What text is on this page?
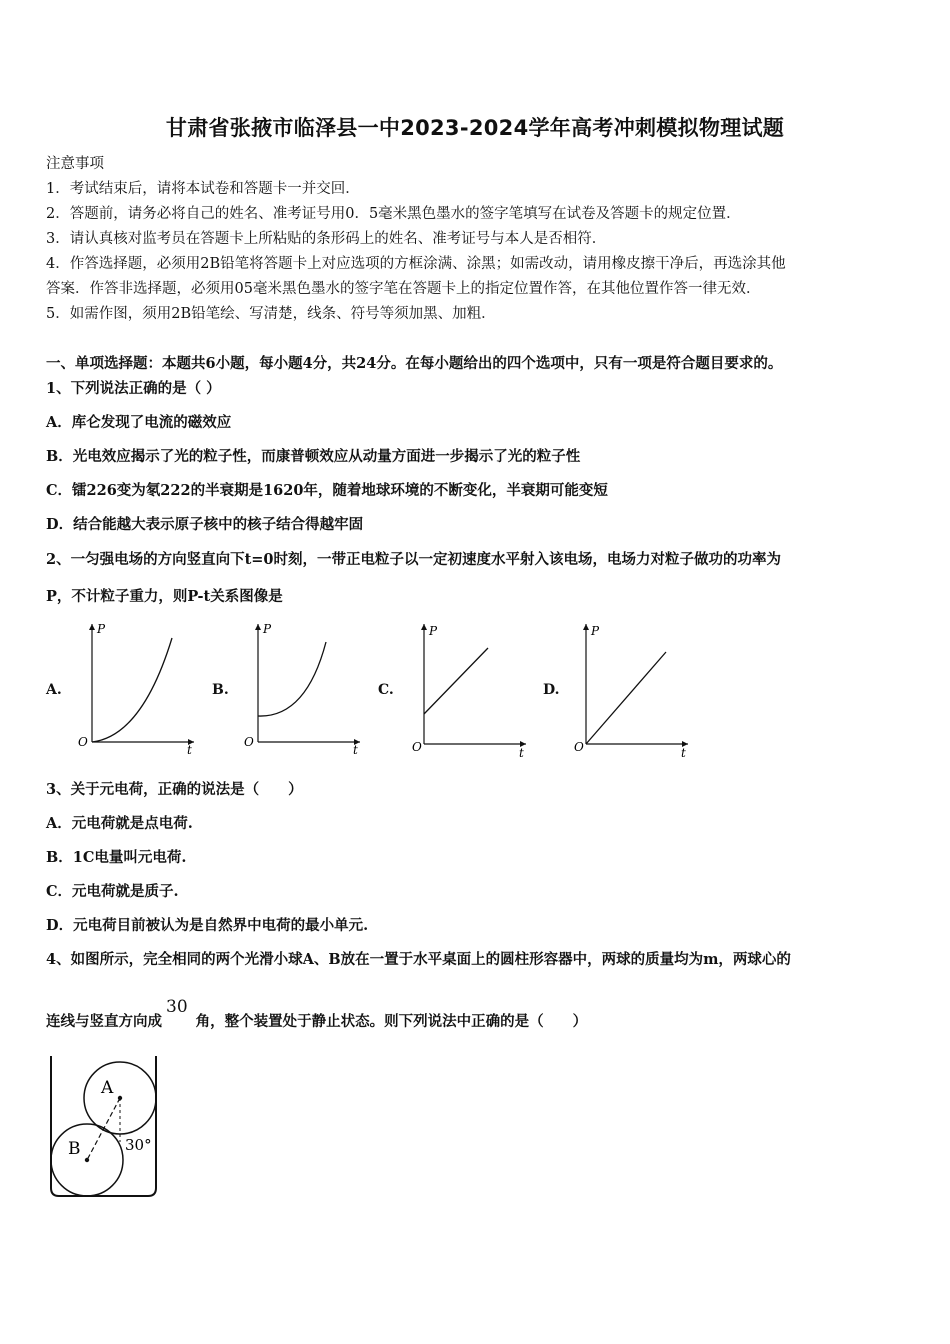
甘肃省张掖市临泽县一中2023-2024学年高考冲刺模拟物理试题
注意事项
1．考试结束后，请将本试卷和答题卡一并交回．
2．答题前，请务必将自己的姓名、准考证号用0．5毫米黑色墨水的签字笔填写在试卷及答题卡的规定位置．
3．请认真核对监考员在答题卡上所粘贴的条形码上的姓名、准考证号与本人是否相符．
4．作答选择题，必须用2B铅笔将答题卡上对应选项的方框涂满、涂黑；如需改动，请用橡皮擦干净后，再选涂其他
答案．作答非选择题，必须用05毫米黑色墨水的签字笔在答题卡上的指定位置作答，在其他位置作答一律无效．
5．如需作图，须用2B铅笔绘、写清楚，线条、符号等须加黑、加粗．
一、单项选择题：本题共6小题，每小题4分，共24分。在每小题给出的四个选项中，只有一项是符合题目要求的。
1、下列说法正确的是（ ）
A．库仑发现了电流的磁效应
B．光电效应揭示了光的粒子性，而康普顿效应从动量方面进一步揭示了光的粒子性
C．镭226变为氡222的半衰期是1620年，随着地球环境的不断变化，半衰期可能变短
D．结合能越大表示原子核中的核子结合得越牢固
2、一匀强电场的方向竖直向下t=0时刻，一带正电粒子以一定初速度水平射入该电场，电场力对粒子做功的功率为
P，不计粒子重力，则P-t关系图像是
A.	B.	C.	D.
P
t
O
P
t
O
P
t
O
P
t
O
3、关于元电荷，正确的说法是（　　）
A．元电荷就是点电荷.
B．1C电量叫元电荷.
C．元电荷就是质子.
D．元电荷目前被认为是自然界中电荷的最小单元.
4、如图所示，完全相同的两个光滑小球A、B放在一置于水平桌面上的圆柱形容器中，两球的质量均为m，两球心的
连线与竖直方向成30角，整个装置处于静止状态。则下列说法中正确的是（　　）
A
B	30°
